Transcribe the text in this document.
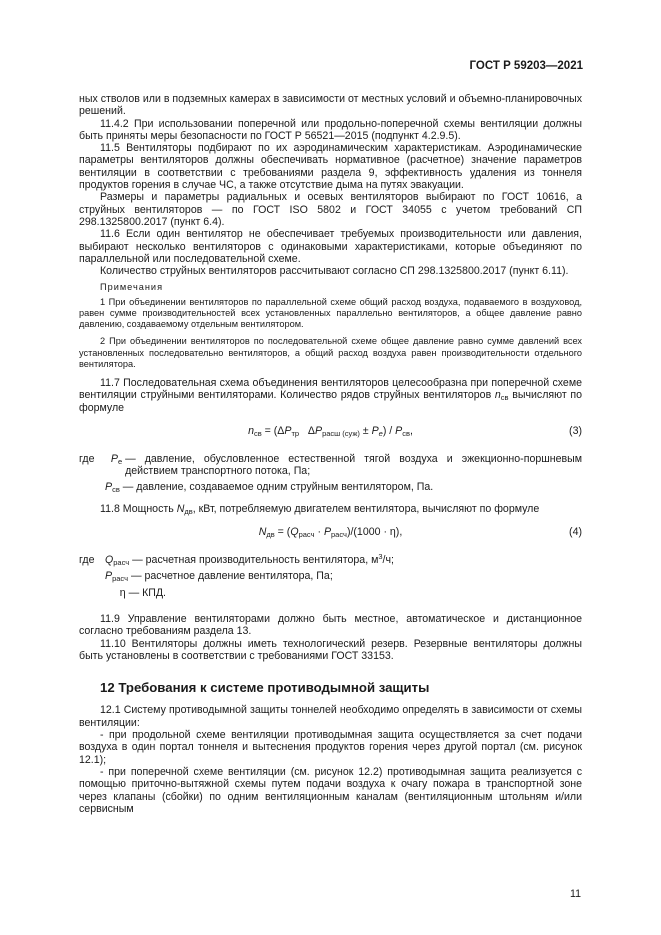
ГОСТ Р 59203—2021

ных стволов или в подземных камерах в зависимости от местных условий и объемно-планировочных решений.

11.4.2 При использовании поперечной или продольно-поперечной схемы вентиляции должны быть приняты меры безопасности по ГОСТ Р 56521—2015 (подпункт 4.2.9.5).

11.5 Вентиляторы подбирают по их аэродинамическим характеристикам. Аэродинамические параметры вентиляторов должны обеспечивать нормативное (расчетное) значение параметров вентиляции в соответствии с требованиями раздела 9, эффективность удаления из тоннеля продуктов горения в случае ЧС, а также отсутствие дыма на путях эвакуации.

Размеры и параметры радиальных и осевых вентиляторов выбирают по ГОСТ 10616, а струйных вентиляторов — по ГОСТ ISO 5802 и ГОСТ 34055 с учетом требований СП 298.1325800.2017 (пункт 6.4).

11.6 Если один вентилятор не обеспечивает требуемых производительности или давления, выбирают несколько вентиляторов с одинаковыми характеристиками, которые объединяют по параллельной или последовательной схеме.

Количество струйных вентиляторов рассчитывают согласно СП 298.1325800.2017 (пункт 6.11).

Примечания

1 При объединении вентиляторов по параллельной схеме общий расход воздуха, подаваемого в воздуховод, равен сумме производительностей всех установленных параллельно вентиляторов, а общее давление равно давлению, создаваемому отдельным вентилятором.

2 При объединении вентиляторов по последовательной схеме общее давление равно сумме давлений всех установленных последовательно вентиляторов, а общий расход воздуха равен производительности отдельного вентилятора.

11.7 Последовательная схема объединения вентиляторов целесообразна при поперечной схеме вентиляции струйными вентиляторами. Количество рядов струйных вентиляторов $n_{св}$ вычисляют по формуле

$n_{св} = (\Delta P_{тр}$   $\Delta P_{расш (суж)} \pm P_e) / P_{св}$,	(3)
где	$P_e$ — давление, обусловленное естественной тягой воздуха и эжекционно-поршневым действием транспортного потока, Па;
$P_{св}$ — давление, создаваемое одним струйным вентилятором, Па.

11.8 Мощность $N_{дв}$, кВт, потребляемую двигателем вентилятора, вычисляют по формуле

$N_{дв} = (Q_{расч} \cdot P_{расч})/(1000 \cdot \eta)$,	(4)
где $Q_{расч}$ — расчетная производительность вентилятора, $м^3/ч$;
$P_{расч}$ — расчетное давление вентилятора, Па;
η — КПД.

11.9 Управление вентиляторами должно быть местное, автоматическое и дистанционное согласно требованиям раздела 13.

11.10 Вентиляторы должны иметь технологический резерв. Резервные вентиляторы должны быть установлены в соответствии с требованиями ГОСТ 33153.

12 Требования к системе противодымной защиты

12.1 Систему противодымной защиты тоннелей необходимо определять в зависимости от схемы вентиляции:

- при продольной схеме вентиляции противодымная защита осуществляется за счет подачи воздуха в один портал тоннеля и вытеснения продуктов горения через другой портал (см. рисунок 12.1);

- при поперечной схеме вентиляции (см. рисунок 12.2) противодымная защита реализуется с помощью приточно-вытяжной схемы путем подачи воздуха к очагу пожара в транспортной зоне через клапаны (сбойки) по одним вентиляционным каналам (вентиляционным штольням и/или сервисным

11
